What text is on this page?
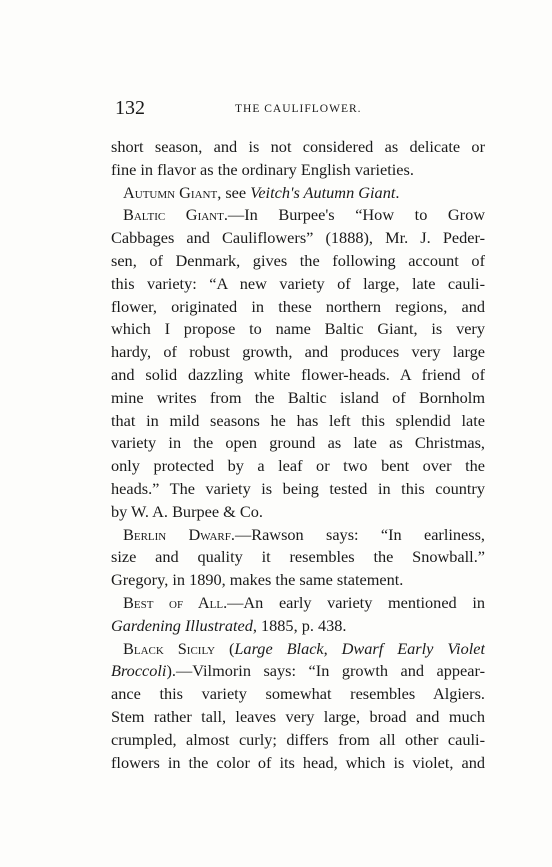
132	THE CAULIFLOWER.
short season, and is not considered as delicate or
fine in flavor as the ordinary English varieties.
Autumn Giant, see Veitch's Autumn Giant.
Baltic Giant.—In Burpee's “How to Grow
Cabbages and Cauliflowers” (1888), Mr. J. Peder-
sen, of Denmark, gives the following account of
this variety: “A new variety of large, late cauli-
flower, originated in these northern regions, and
which I propose to name Baltic Giant, is very
hardy, of robust growth, and produces very large
and solid dazzling white flower-heads. A friend of
mine writes from the Baltic island of Bornholm
that in mild seasons he has left this splendid late
variety in the open ground as late as Christmas,
only protected by a leaf or two bent over the
heads.” The variety is being tested in this country
by W. A. Burpee & Co.
Berlin Dwarf.—Rawson says: “In earliness,
size and quality it resembles the Snowball.”
Gregory, in 1890, makes the same statement.
Best of All.—An early variety mentioned in
Gardening Illustrated, 1885, p. 438.
Black Sicily (Large Black, Dwarf Early Violet
Broccoli).—Vilmorin says: “In growth and appear-
ance this variety somewhat resembles Algiers.
Stem rather tall, leaves very large, broad and much
crumpled, almost curly; differs from all other cauli-
flowers in the color of its head, which is violet, and
